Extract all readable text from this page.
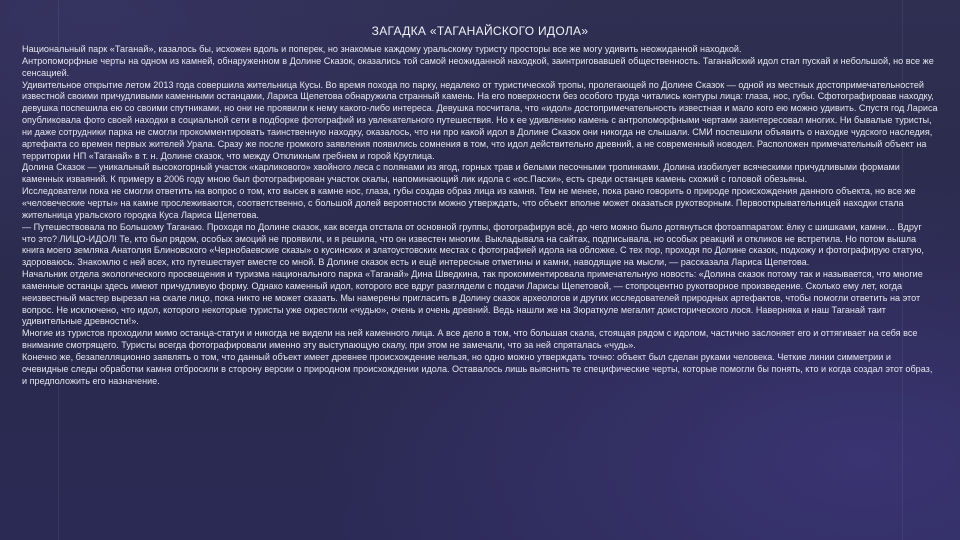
ЗАГАДКА «ТАГАНАЙСКОГО ИДОЛА»

Национальный парк «Таганай», казалось бы, исхожен вдоль и поперек, но знакомые каждому уральскому туристу просторы все же могу удивить неожиданной находкой.

Антропоморфные черты на одном из камней, обнаруженном в Долине Сказок, оказались той самой неожиданной находкой, заинтриговавшей общественность. Таганайский идол стал пускай и небольшой, но все же сенсацией.

Удивительное открытие летом 2013 года совершила жительница Кусы. Во время похода по парку, недалеко от туристической тропы, пролегающей по Долине Сказок — одной из местных достопримечательностей известной своими причудливыми каменными останцами, Лариса Щепетова обнаружила странный камень. На его поверхности без особого труда читались контуры лица: глаза, нос, губы. Сфотографировав находку, девушка поспешила ею со своими спутниками, но они не проявили к нему какого-либо интереса. Девушка посчитала, что «идол» достопримечательность известная и мало кого ею можно удивить. Спустя год Лариса опубликовала фото своей находки в социальной сети в подборке фотографий из увлекательного путешествия. Но к ее удивлению камень с антропоморфными чертами заинтересовал многих. Ни бывалые туристы, ни даже сотрудники парка не смогли прокомментировать таинственную находку, оказалось, что ни про какой идол в Долине Сказок они никогда не слышали. СМИ поспешили объявить о находке чудского наследия, артефакта со времен первых жителей Урала. Сразу же после громкого заявления появились сомнения в том, что идол действительно древний, а не современный новодел. Расположен примечательный объект на территории НП «Таганай» в т. н. Долине сказок, что между Откликным гребнем и горой Круглица.

Долина Сказок — уникальный высокогорный участок «карликового» хвойного леса с полянами из ягод, горных трав и белыми песочными тропинками. Долина изобилует всяческими причудливыми формами каменных изваяний. К примеру в 2006 году мною был фотографирован участок скалы, напоминающий лик идола с «ос.Пасхи», есть среди останцев камень схожий с головой обезьяны.

Исследователи пока не смогли ответить на вопрос о том, кто высек в камне нос, глаза, губы создав образ лица из камня. Тем не менее, пока рано говорить о природе происхождения данного объекта, но все же «человеческие черты» на камне прослеживаются, соответственно, с большой долей вероятности можно утверждать, что объект вполне может оказаться рукотворным. Первооткрывательницей находки стала жительница уральского городка Куса Лариса Щепетова.

— Путешествовала по Большому Таганаю. Проходя по Долине сказок, как всегда отстала от основной группы, фотографируя всё, до чего можно было дотянуться фотоаппаратом: ёлку с шишками, камни… Вдруг что это? ЛИЦО-ИДОЛ! Те, кто был рядом, особых эмоций не проявили, и я решила, что он известен многим. Выкладывала на сайтах, подписывала, но особых реакций и откликов не встретила. Но потом вышла книга моего земляка Анатолия Блиновского «Чернобаевские сказы» о кусинских и златоустовских местах с фотографией идола на обложке. С тех пор, проходя по Долине сказок, подхожу и фотографирую статую, здороваюсь. Знакомлю с ней всех, кто путешествует вместе со мной. В Долине сказок есть и ещё интересные отметины и камни, наводящие на мысли, — рассказала Лариса Щепетова.

Начальник отдела экологического просвещения и туризма национального парка «Таганай» Дина Шведкина, так прокомментировала примечательную новость: «Долина сказок потому так и называется, что многие каменные останцы здесь имеют причудливую форму. Однако каменный идол, которого все вдруг разглядели с подачи Ларисы Щепетовой, — стопроцентно рукотворное произведение. Сколько ему лет, когда неизвестный мастер вырезал на скале лицо, пока никто не может сказать. Мы намерены пригласить в Долину сказок археологов и других исследователей природных артефактов, чтобы помогли ответить на этот вопрос. Не исключено, что идол, которого некоторые туристы уже окрестили «чудью», очень и очень древний. Ведь нашли же на Зюраткуле мегалит доисторического лося. Наверняка и наш Таганай таит удивительные древности!».

Многие из туристов проходили мимо останца-статуи и никогда не видели на ней каменного лица. А все дело в том, что большая скала, стоящая рядом с идолом, частично заслоняет его и оттягивает на себя все внимание смотрящего. Туристы всегда фотографировали именно эту выступающую скалу, при этом не замечали, что за ней спряталась «чудь».

Конечно же, безапелляционно заявлять о том, что данный объект имеет древнее происхождение нельзя, но одно можно утверждать точно: объект был сделан руками человека. Четкие линии симметрии и очевидные следы обработки камня отбросили в сторону версии о природном происхождении идола. Оставалось лишь выяснить те специфические черты, которые помогли бы понять, кто и когда создал этот образ, и предположить его назначение.
